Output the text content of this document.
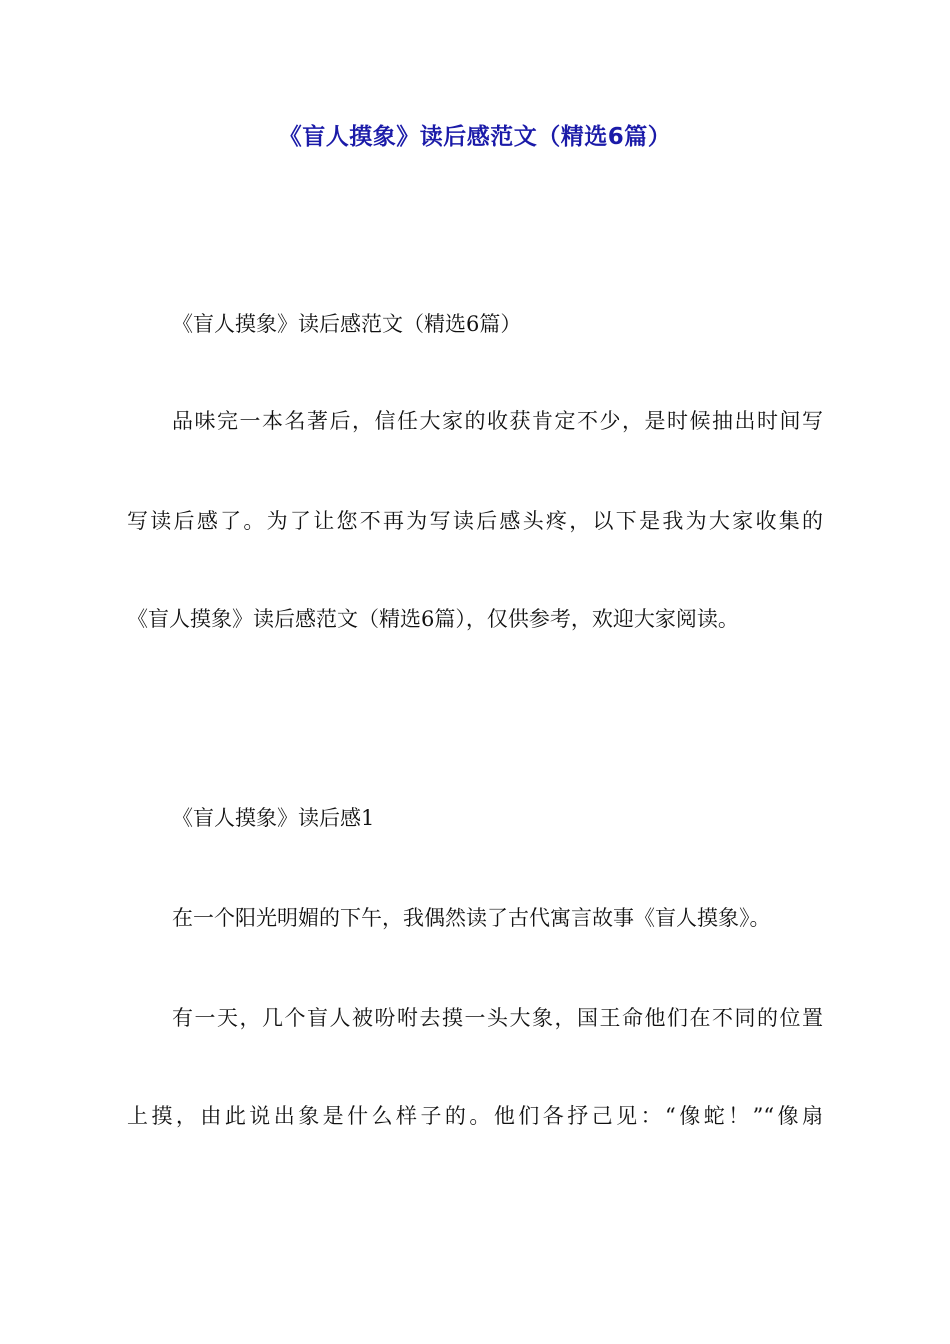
《盲人摸象》读后感范文（精选6篇）
《盲人摸象》读后感范文（精选6篇）
品味完一本名著后，信任大家的收获肯定不少，是时候抽出时间写
写读后感了。为了让您不再为写读后感头疼，以下是我为大家收集的
《盲人摸象》读后感范文（精选6篇），仅供参考，欢迎大家阅读。
《盲人摸象》读后感1
在一个阳光明媚的下午，我偶然读了古代寓言故事《盲人摸象》。
有一天，几个盲人被吩咐去摸一头大象，国王命他们在不同的位置
上摸，由此说出象是什么样子的。他们各抒己见：“像蛇！”“像扇
